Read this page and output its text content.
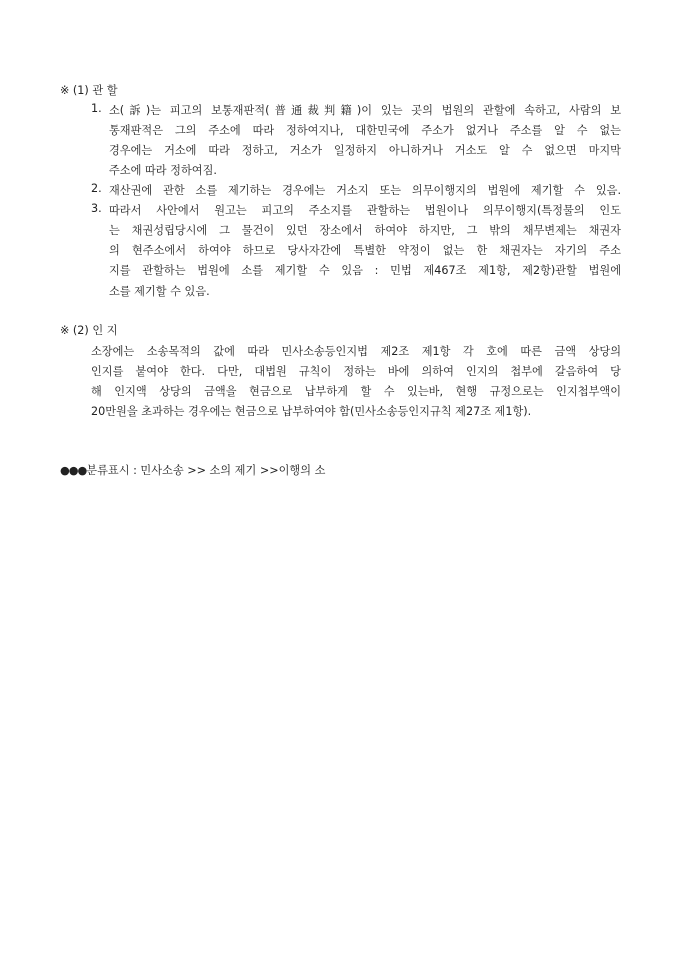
※ (1) 관 할
1. 소(訴)는 피고의 보통재판적(普通裁判籍)이 있는 곳의 법원의 관할에 속하고, 사람의 보
통재판적은 그의 주소에 따라 정하여지나, 대한민국에 주소가 없거나 주소를 알 수 없는
경우에는 거소에 따라 정하고, 거소가 일정하지 아니하거나 거소도 알 수 없으면 마지막
주소에 따라 정하여짐.
2. 재산권에 관한 소를 제기하는 경우에는 거소지 또는 의무이행지의 법원에 제기할 수 있음.
3. 따라서 사안에서 원고는 피고의 주소지를 관할하는 법원이나 의무이행지(특정물의 인도
는 채권성립당시에 그 물건이 있던 장소에서 하여야 하지만, 그 밖의 채무변제는 채권자
의 현주소에서 하여야 하므로 당사자간에 특별한 약정이 없는 한 채권자는 자기의 주소
지를 관할하는 법원에 소를 제기할 수 있음 : 민법 제467조 제1항, 제2항)관할 법원에
소를 제기할 수 있음.
※ (2) 인 지
소장에는 소송목적의 값에 따라 민사소송등인지법 제2조 제1항 각 호에 따른 금액 상당의
인지를 붙여야 한다. 다만, 대법원 규칙이 정하는 바에 의하여 인지의 첩부에 갈음하여 당
해 인지액 상당의 금액을 현금으로 납부하게 할 수 있는바, 현행 규정으로는 인지첩부액이
20만원을 초과하는 경우에는 현금으로 납부하여야 함(민사소송등인지규칙 제27조 제1항).
●●●분류표시 : 민사소송 >> 소의 제기 >>이행의 소
